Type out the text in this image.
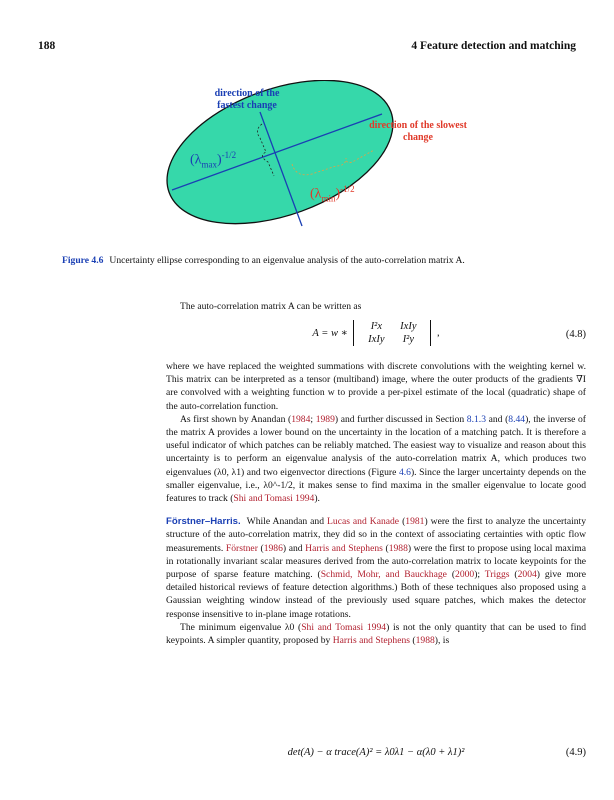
188	4 Feature detection and matching
direction of the fastest change
direction of the slowest change
$(\lambda_{max})^{-1/2}$
$(\lambda_{min})^{-1/2}$
Figure 4.6 Uncertainty ellipse corresponding to an eigenvalue analysis of the auto-correlation matrix A.

The auto-correlation matrix A can be written as

A = w ∗
I²x IxIy
IxIy I²y
,	(4.8)

where we have replaced the weighted summations with discrete convolutions with the weighting kernel w. This matrix can be interpreted as a tensor (multiband) image, where the outer products of the gradients ∇I are convolved with a weighting function w to provide a per-pixel estimate of the local (quadratic) shape of the auto-correlation function.

As first shown by Anandan (1984; 1989) and further discussed in Section 8.1.3 and (8.44), the inverse of the matrix A provides a lower bound on the uncertainty in the location of a matching patch. It is therefore a useful indicator of which patches can be reliably matched. The easiest way to visualize and reason about this uncertainty is to perform an eigenvalue analysis of the auto-correlation matrix A, which produces two eigenvalues (λ0, λ1) and two eigenvector directions (Figure 4.6). Since the larger uncertainty depends on the smaller eigenvalue, i.e., λ0^-1/2, it makes sense to find maxima in the smaller eigenvalue to locate good features to track (Shi and Tomasi 1994).

Förstner–Harris. While Anandan and Lucas and Kanade (1981) were the first to analyze the uncertainty structure of the auto-correlation matrix, they did so in the context of associating certainties with optic flow measurements. Förstner (1986) and Harris and Stephens (1988) were the first to propose using local maxima in rotationally invariant scalar measures derived from the auto-correlation matrix to locate keypoints for the purpose of sparse feature matching. (Schmid, Mohr, and Bauckhage (2000); Triggs (2004) give more detailed historical reviews of feature detection algorithms.) Both of these techniques also proposed using a Gaussian weighting window instead of the previously used square patches, which makes the detector response insensitive to in-plane image rotations.

The minimum eigenvalue λ0 (Shi and Tomasi 1994) is not the only quantity that can be used to find keypoints. A simpler quantity, proposed by Harris and Stephens (1988), is

det(A) − α trace(A)² = λ0λ1 − α(λ0 + λ1)²	(4.9)
